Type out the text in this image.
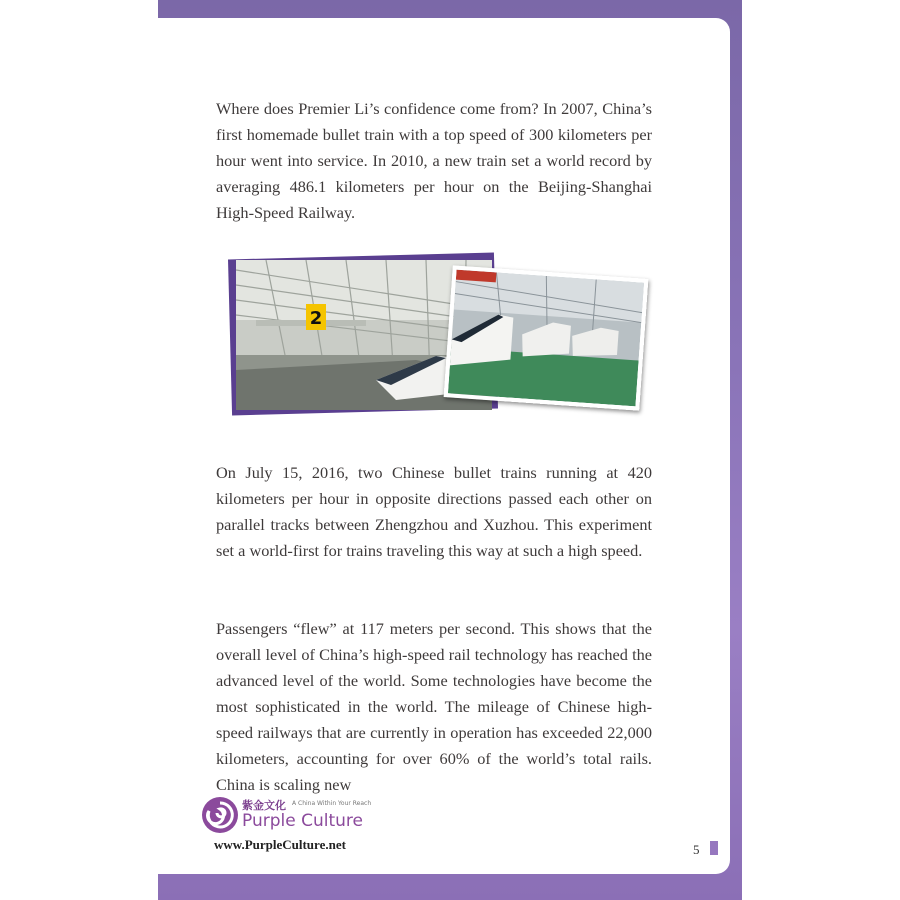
Where does Premier Li’s confidence come from? In 2007, China’s first homemade bullet train with a top speed of 300 kilometers per hour went into service. In 2010, a new train set a world record by averaging 486.1 kilometers per hour on the Beijing-Shanghai High-Speed Railway.

2

On July 15, 2016, two Chinese bullet trains running at 420 kilometers per hour in opposite directions passed each other on parallel tracks between Zhengzhou and Xuzhou. This experiment set a world-first for trains traveling this way at such a high speed.

Passengers “flew” at 117 meters per second. This shows that the overall level of China’s high-speed rail technology has reached the advanced level of the world. Some technologies have become the most sophisticated in the world. The mileage of Chinese high-speed railways that are currently in operation has exceeded 22,000 kilometers, accounting for over 60% of the world’s total rails. China is scaling new

5
紫金文化 A China Within Your Reach
Purple Culture
www.PurpleCulture.net
